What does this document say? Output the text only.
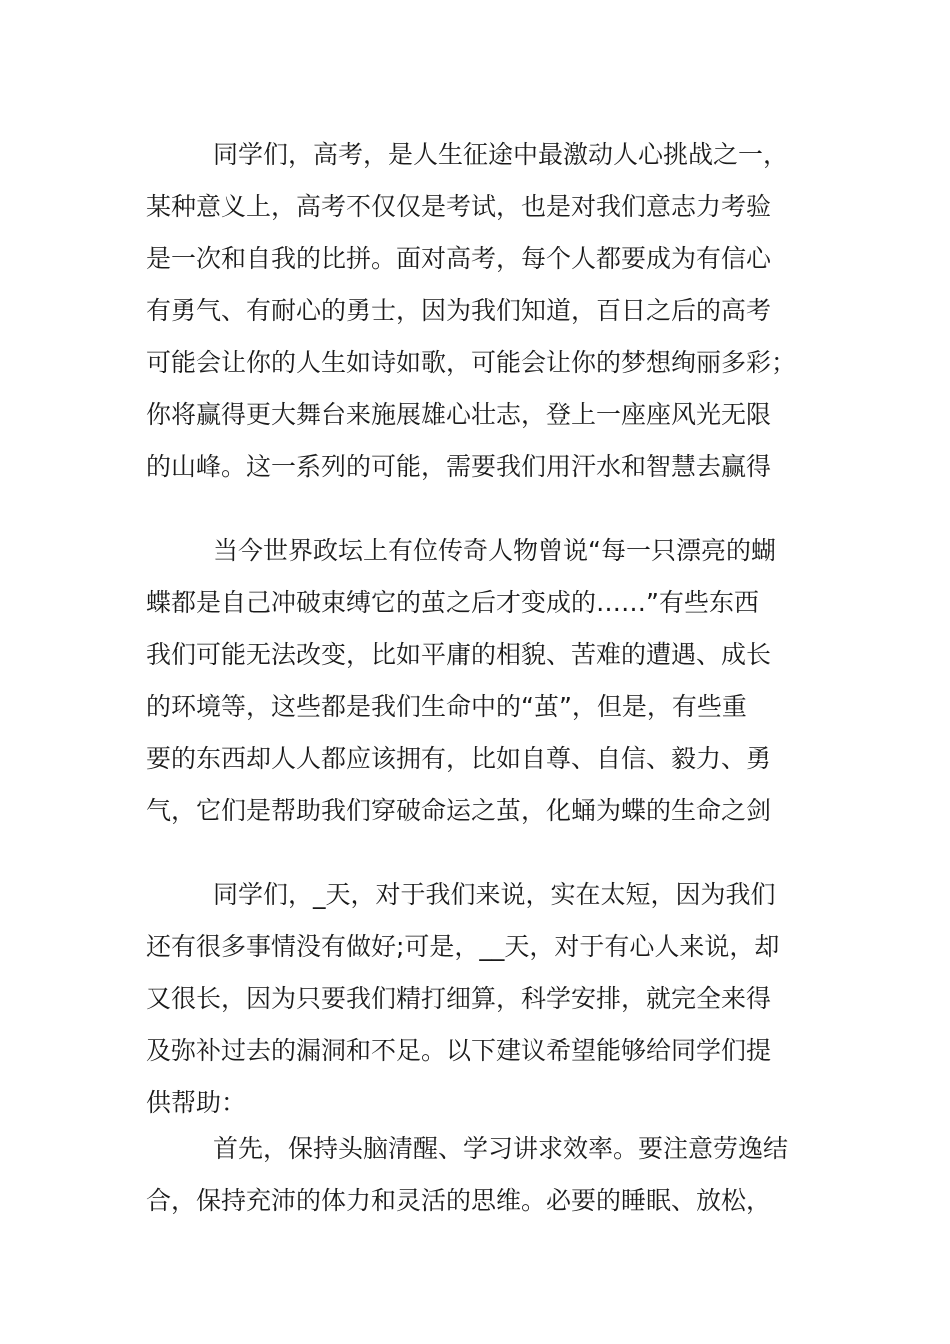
同学们，高考，是人生征途中最激动人心挑战之一，
某种意义上，高考不仅仅是考试，也是对我们意志力考验
是一次和自我的比拼。面对高考，每个人都要成为有信心
有勇气、有耐心的勇士，因为我们知道，百日之后的高考
可能会让你的人生如诗如歌，可能会让你的梦想绚丽多彩；
你将赢得更大舞台来施展雄心壮志，登上一座座风光无限
的山峰。这一系列的可能，需要我们用汗水和智慧去赢得
当今世界政坛上有位传奇人物曾说“每一只漂亮的蝴
蝶都是自己冲破束缚它的茧之后才变成的……”有些东西
我们可能无法改变，比如平庸的相貌、苦难的遭遇、成长
的环境等，这些都是我们生命中的“茧”，但是，有些重
要的东西却人人都应该拥有，比如自尊、自信、毅力、勇
气，它们是帮助我们穿破命运之茧，化蛹为蝶的生命之剑
同学们，_天，对于我们来说，实在太短，因为我们
还有很多事情没有做好;可是，__天，对于有心人来说，却
又很长，因为只要我们精打细算，科学安排，就完全来得
及弥补过去的漏洞和不足。以下建议希望能够给同学们提
供帮助：
首先，保持头脑清醒、学习讲求效率。要注意劳逸结
合，保持充沛的体力和灵活的思维。必要的睡眠、放松，
